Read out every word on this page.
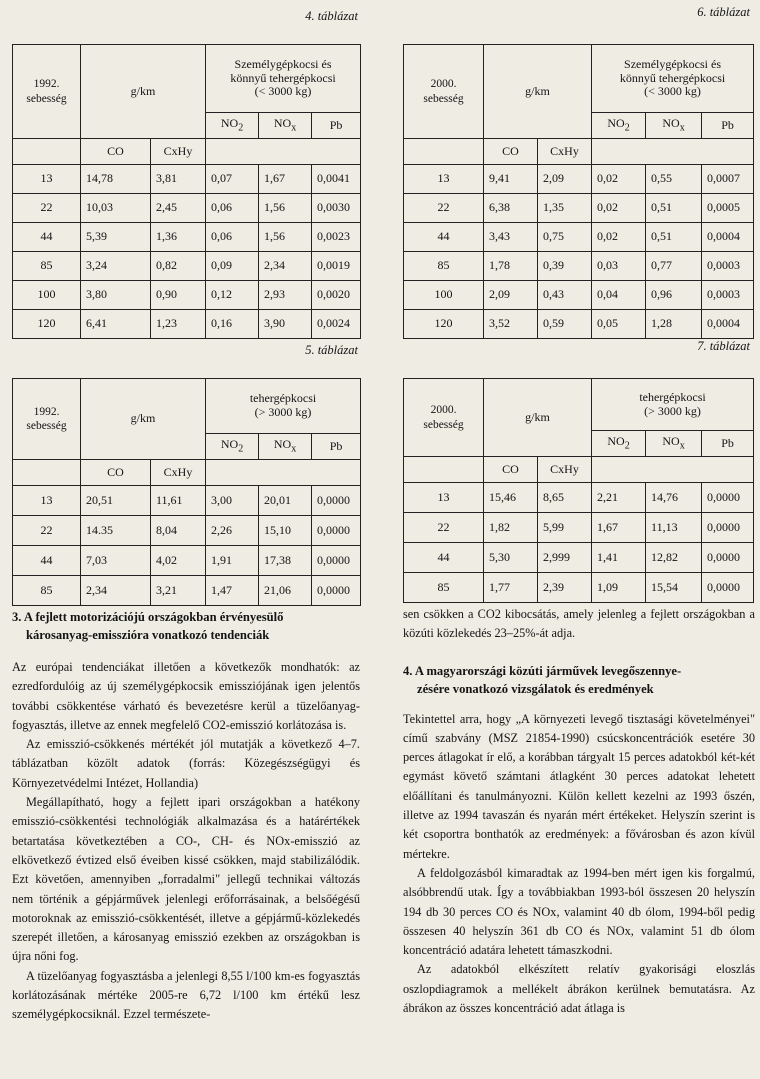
4. táblázat
1992.
sebesség	g/km		Személygépkocsi és
könnyű tehergépkocsi
(< 3000 kg)		
			$NO_2$	$NO_x$	Pb
	CO	CxHy			
13	14,78	3,81	0,07	1,67	0,0041
22	10,03	2,45	0,06	1,56	0,0030
44	5,39	1,36	0,06	1,56	0,0023
85	3,24	0,82	0,09	2,34	0,0019
100	3,80	0,90	0,12	2,93	0,0020
120	6,41	1,23	0,16	3,90	0,0024
6. táblázat
2000.
sebesség	g/km		Személygépkocsi és
könnyű tehergépkocsi
(< 3000 kg)		
			$NO_2$	$NO_x$	Pb
	CO	CxHy			
13	9,41	2,09	0,02	0,55	0,0007
22	6,38	1,35	0,02	0,51	0,0005
44	3,43	0,75	0,02	0,51	0,0004
85	1,78	0,39	0,03	0,77	0,0003
100	2,09	0,43	0,04	0,96	0,0003
120	3,52	0,59	0,05	1,28	0,0004
5. táblázat
1992.
sebesség	g/km		tehergépkocsi
(> 3000 kg)		
			$NO_2$	$NO_x$	Pb
	CO	CxHy			
13	20,51	11,61	3,00	20,01	0,0000
22	14.35	8,04	2,26	15,10	0,0000
44	7,03	4,02	1,91	17,38	0,0000
85	2,34	3,21	1,47	21,06	0,0000
7. táblázat
2000.
sebesség	g/km		tehergépkocsi
(> 3000 kg)		
			$NO_2$	$NO_x$	Pb
	CO	CxHy			
13	15,46	8,65	2,21	14,76	0,0000
22	1,82	5,99	1,67	11,13	0,0000
44	5,30	2,999	1,41	12,82	0,0000
85	1,77	2,39	1,09	15,54	0,0000
3. A fejlett motorizációjú országokban érvényesülő
károsanyag-emisszióra vonatkozó tendenciák

Az európai tendenciákat illetően a következők mondhatók: az ezredfordulóig az új személygépkocsik emissziójának igen jelentős további csökkentése várható és bevezetésre kerül a tüzelőanyag-fogyasztás, illetve az ennek megfelelő CO2-emisszió korlátozása is.

Az emisszió-csökkenés mértékét jól mutatják a következő 4–7. táblázatban közölt adatok (forrás: Közegészségügyi és Környezetvédelmi Intézet, Hollandia)

Megállapítható, hogy a fejlett ipari országokban a hatékony emisszió-csökkentési technológiák alkalmazása és a határértékek betartatása következtében a CO-, CH- és NOx-emisszió az elkövetkező évtized első éveiben kissé csökken, majd stabilizálódik. Ezt követően, amennyiben „forradalmi" jellegű technikai változás nem történik a gépjárművek jelenlegi erőforrásainak, a belsőégésű motoroknak az emisszió-csökkentését, illetve a gépjármű-közlekedés szerepét illetően, a károsanyag emisszió ezekben az országokban is újra nőni fog.

A tüzelőanyag fogyasztásba a jelenlegi 8,55 l/100 km-es fogyasztás korlátozásának mértéke 2005-re 6,72 l/100 km értékű lesz személygépkocsiknál. Ezzel természete-

sen csökken a CO2 kibocsátás, amely jelenleg a fejlett országokban a közúti közlekedés 23–25%-át adja.

4. A magyarországi közúti járművek levegőszennye-
zésére vonatkozó vizsgálatok és eredmények

Tekintettel arra, hogy „A környezeti levegő tisztasági követelményei" című szabvány (MSZ 21854-1990) csúcskoncentrációk esetére 30 perces átlagokat ír elő, a korábban tárgyalt 15 perces adatokból két-két egymást követő számtani átlagként 30 perces adatokat lehetett előállítani és tanulmányozni. Külön kellett kezelni az 1993 őszén, illetve az 1994 tavaszán és nyarán mért értékeket. Helyszín szerint is két csoportra bonthatók az eredmények: a fővárosban és azon kívül mértekre.

A feldolgozásból kimaradtak az 1994-ben mért igen kis forgalmú, alsóbbrendű utak. Így a továbbiakban 1993-ból összesen 20 helyszín 194 db 30 perces CO és NOx, valamint 40 db ólom, 1994-ből pedig összesen 40 helyszín 361 db CO és NOx, valamint 51 db ólom koncentráció adatára lehetett támaszkodni.

Az adatokból elkészített relatív gyakorisági eloszlás oszlopdiagramok a mellékelt ábrákon kerülnek bemutatásra. Az ábrákon az összes koncentráció adat átlaga is
